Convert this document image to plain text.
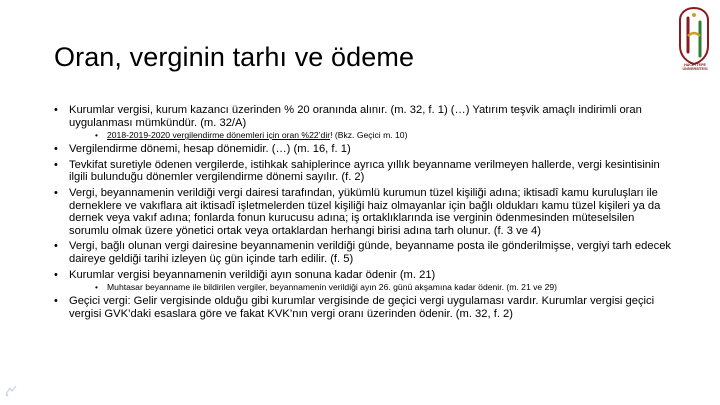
Oran, verginin tarhı ve ödeme	HACETTEPE
ÜNİVERSİTESİ
• Kurumlar vergisi, kurum kazancı üzerinden % 20 oranında alınır. (m. 32, f. 1) (…) Yatırım teşvik amaçlı indirimli oran uygulanması mümkündür. (m. 32/A)
• 2018-2019-2020 vergilendirme dönemleri için oran %22’dir! (Bkz. Geçici m. 10)
• Vergilendirme dönemi, hesap dönemidir. (…) (m. 16, f. 1)
• Tevkifat suretiyle ödenen vergilerde, istihkak sahiplerince ayrıca yıllık beyanname verilmeyen hallerde, vergi kesintisinin ilgili bulunduğu dönemler vergilendirme dönemi sayılır. (f. 2)
• Vergi, beyannamenin verildiği vergi dairesi tarafından, yükümlü kurumun tüzel kişiliği adına; iktisadî kamu kuruluşları ile derneklere ve vakıflara ait iktisadî işletmelerden tüzel kişiliği haiz olmayanlar için bağlı oldukları kamu tüzel kişileri ya da dernek veya vakıf adına; fonlarda fonun kurucusu adına; iş ortaklıklarında ise verginin ödenmesinden müteselsilen sorumlu olmak üzere yönetici ortak veya ortaklardan herhangi birisi adına tarh olunur. (f. 3 ve 4)
• Vergi, bağlı olunan vergi dairesine beyannamenin verildiği günde, beyanname posta ile gönderilmişse, vergiyi tarh edecek daireye geldiği tarihi izleyen üç gün içinde tarh edilir. (f. 5)
• Kurumlar vergisi beyannamenin verildiği ayın sonuna kadar ödenir (m. 21)
• Muhtasar beyanname ile bildirilen vergiler, beyannamenin verildiği ayın 26. günü akşamına kadar ödenir. (m. 21 ve 29)
• Geçici vergi: Gelir vergisinde olduğu gibi kurumlar vergisinde de geçici vergi uygulaması vardır. Kurumlar vergisi geçici vergisi GVK’daki esaslara göre ve fakat KVK’nın vergi oranı üzerinden ödenir. (m. 32, f. 2)
